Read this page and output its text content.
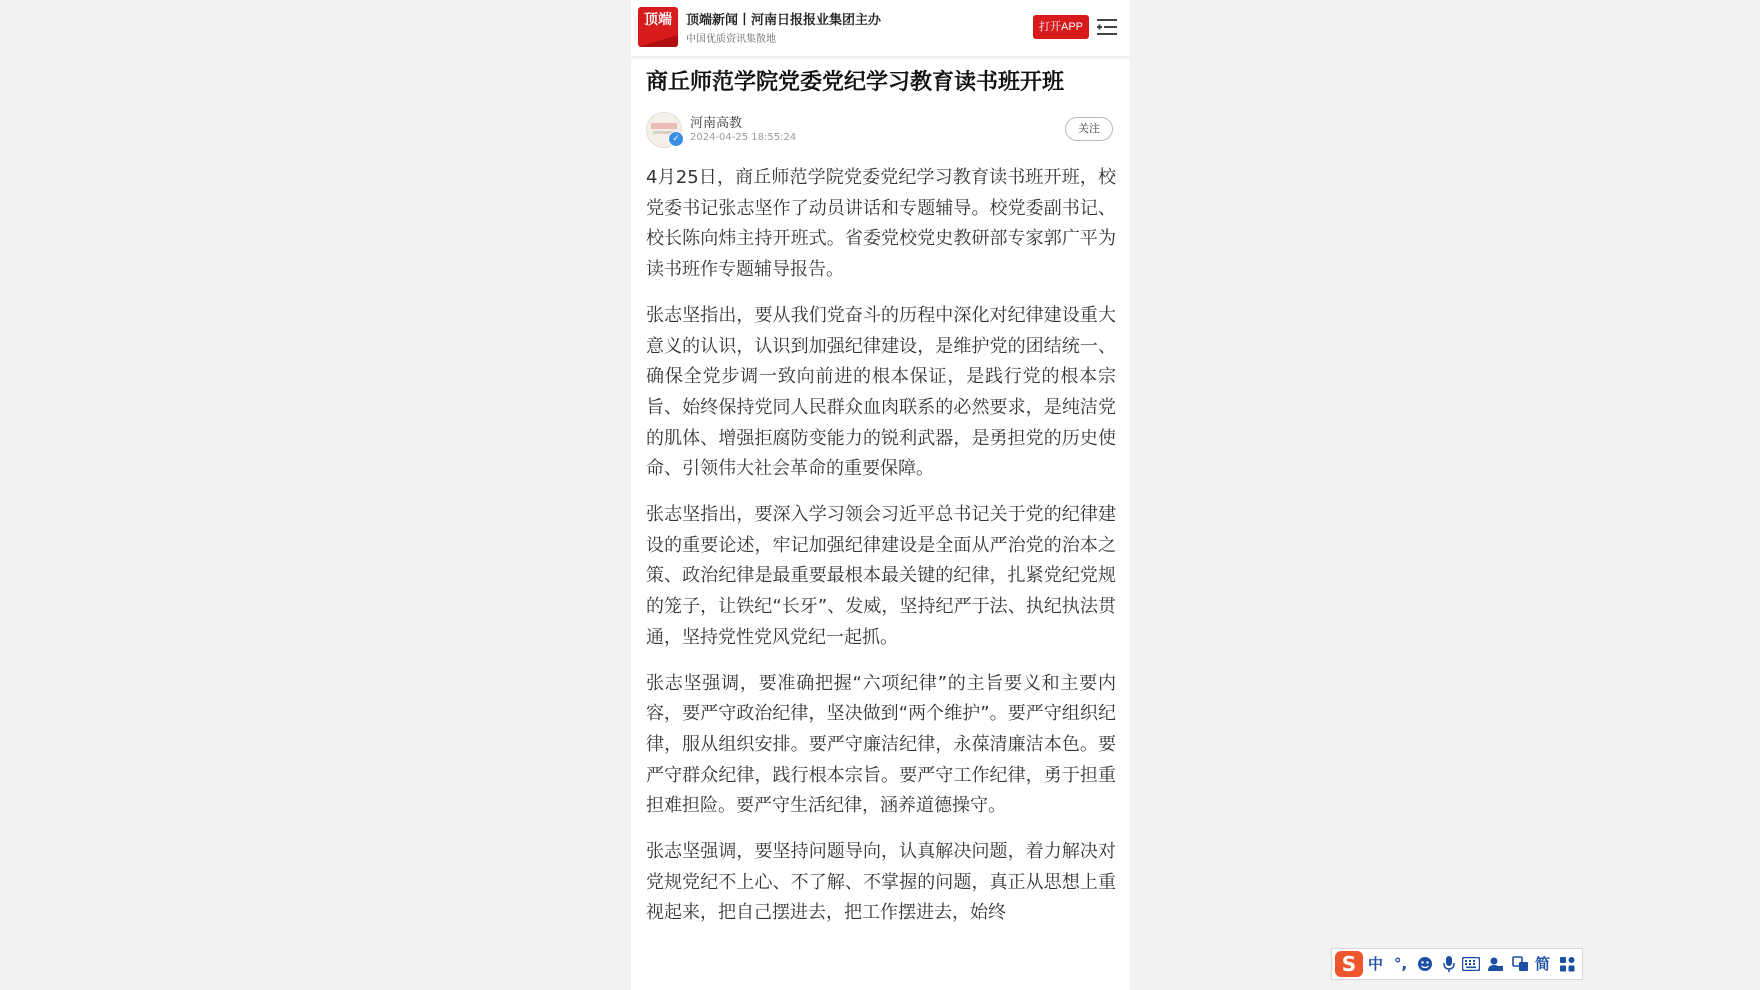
顶端	顶端新闻丨河南日报报业集团主办
中国优质资讯集散地
打开APP
商丘师范学院党委党纪学习教育读书班开班
✓
河南高教
2024-04-25 18:55:24
关注

4月25日，商丘师范学院党委党纪学习教育读书班开班，校党委书记张志坚作了动员讲话和专题辅导。校党委副书记、校长陈向炜主持开班式。省委党校党史教研部专家郭广平为读书班作专题辅导报告。

张志坚指出，要从我们党奋斗的历程中深化对纪律建设重大意义的认识，认识到加强纪律建设，是维护党的团结统一、确保全党步调一致向前进的根本保证，是践行党的根本宗旨、始终保持党同人民群众血肉联系的必然要求，是纯洁党的肌体、增强拒腐防变能力的锐利武器，是勇担党的历史使命、引领伟大社会革命的重要保障。

张志坚指出，要深入学习领会习近平总书记关于党的纪律建设的重要论述，牢记加强纪律建设是全面从严治党的治本之策、政治纪律是最重要最根本最关键的纪律，扎紧党纪党规的笼子，让铁纪“长牙”、发威，坚持纪严于法、执纪执法贯通，坚持党性党风党纪一起抓。

张志坚强调，要准确把握“六项纪律”的主旨要义和主要内容，要严守政治纪律，坚决做到“两个维护”。要严守组织纪律，服从组织安排。要严守廉洁纪律，永葆清廉洁本色。要严守群众纪律，践行根本宗旨。要严守工作纪律，勇于担重担难担险。要严守生活纪律，涵养道德操守。

张志坚强调，要坚持问题导向，认真解决问题，着力解决对党规党纪不上心、不了解、不掌握的问题，真正从思想上重视起来，把自己摆进去，把工作摆进去，始终

S 中 °,	简
